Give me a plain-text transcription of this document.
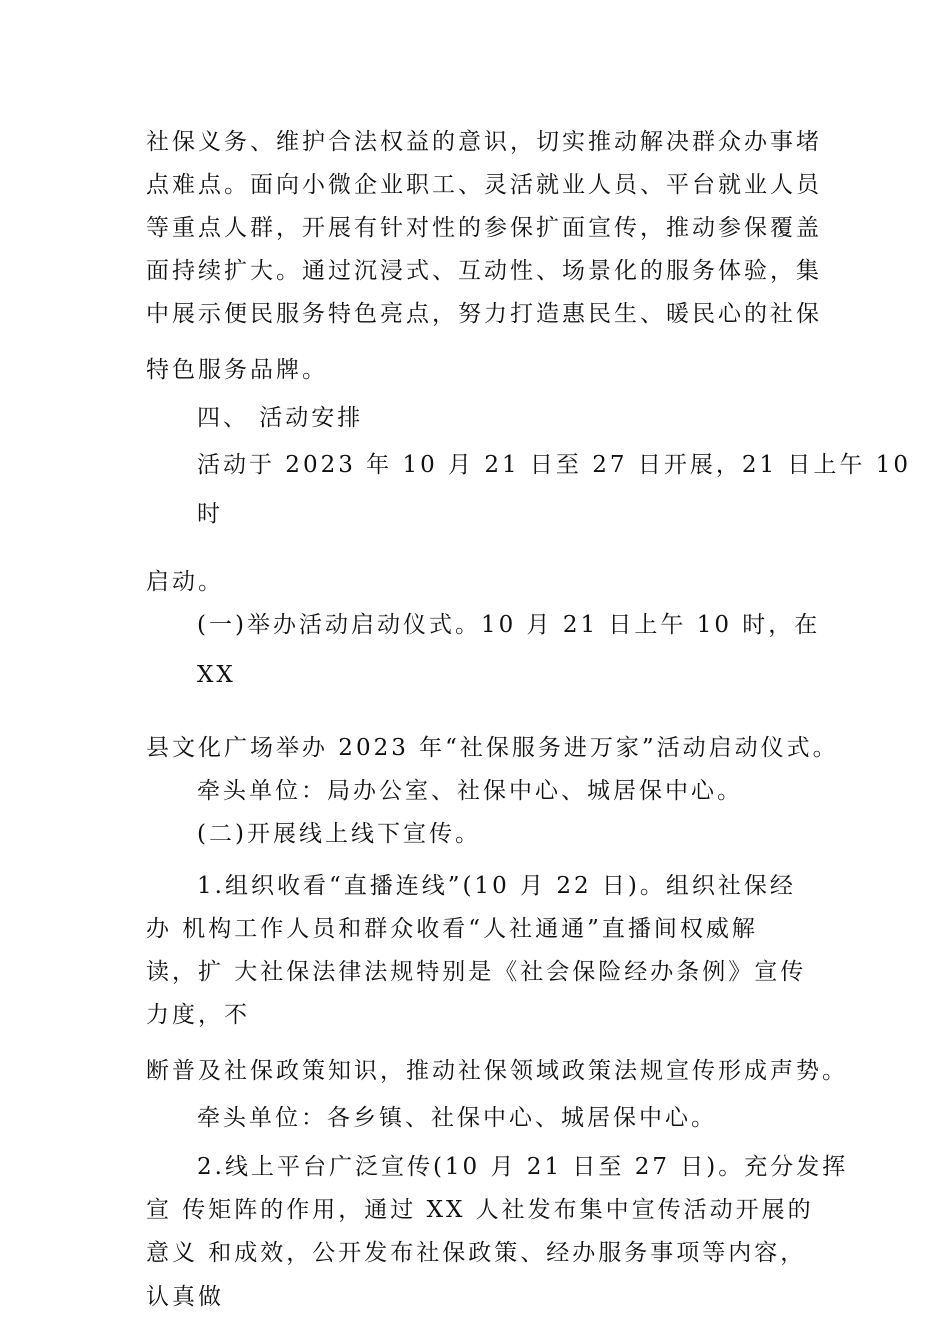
社保义务、维护合法权益的意识，切实推动解决群众办事堵
点难点。面向小微企业职工、灵活就业人员、平台就业人员
等重点人群，开展有针对性的参保扩面宣传，推动参保覆盖
面持续扩大。通过沉浸式、互动性、场景化的服务体验，集
中展示便民服务特色亮点，努力打造惠民生、暖民心的社保
特色服务品牌。
四、 活动安排
活动于 2023 年 10 月 21 日至 27 日开展，21 日上午 10
时
启动。
(一)举办活动启动仪式。10 月 21 日上午 10 时，在
XX
县文化广场举办 2023 年“社保服务进万家”活动启动仪式。
牵头单位：局办公室、社保中心、城居保中心。
(二)开展线上线下宣传。
1.组织收看“直播连线”(10 月 22 日)。组织社保经
办 机构工作人员和群众收看“人社通通”直播间权威解
读，扩 大社保法律法规特别是《社会保险经办条例》宣传
力度，不
断普及社保政策知识，推动社保领域政策法规宣传形成声势。
牵头单位：各乡镇、社保中心、城居保中心。
2.线上平台广泛宣传(10 月 21 日至 27 日)。充分发挥
宣 传矩阵的作用，通过 XX 人社发布集中宣传活动开展的
意义 和成效，公开发布社保政策、经办服务事项等内容，
认真做
